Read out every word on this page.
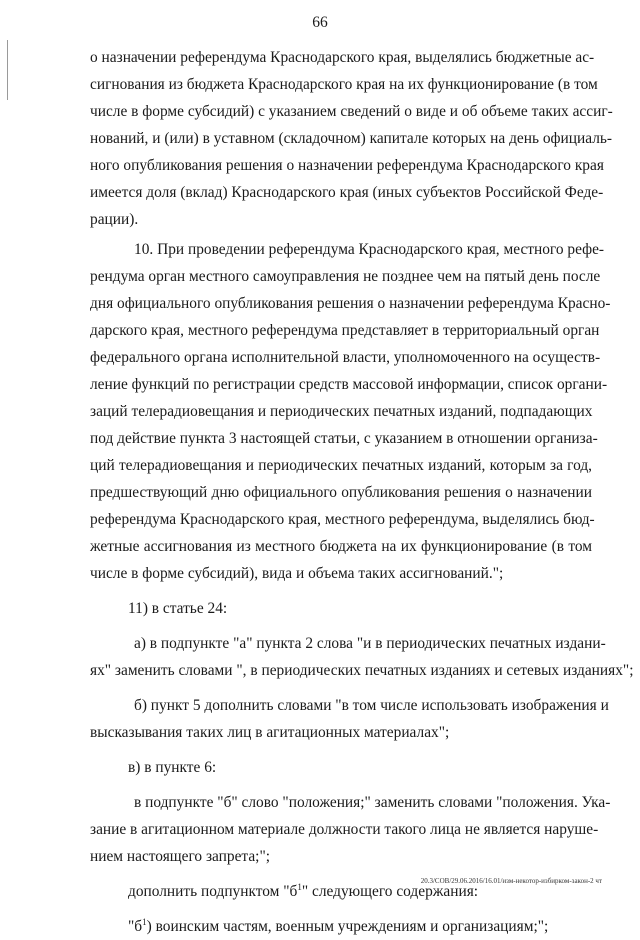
66
о назначении референдума Краснодарского края, выделялись бюджетные ас-
сигнования из бюджета Краснодарского края на их функционирование (в том
числе в форме субсидий) с указанием сведений о виде и об объеме таких ассиг-
нований, и (или) в уставном (складочном) капитале которых на день официаль-
ного опубликования решения о назначении референдума Краснодарского края
имеется доля (вклад) Краснодарского края (иных субъектов Российской Феде-
рации).
10. При проведении референдума Краснодарского края, местного рефе-
рендума орган местного самоуправления не позднее чем на пятый день после
дня официального опубликования решения о назначении референдума Красно-
дарского края, местного референдума представляет в территориальный орган
федерального органа исполнительной власти, уполномоченного на осуществ-
ление функций по регистрации средств массовой информации, список органи-
заций телерадиовещания и периодических печатных изданий, подпадающих
под действие пункта 3 настоящей статьи, с указанием в отношении организа-
ций телерадиовещания и периодических печатных изданий, которым за год,
предшествующий дню официального опубликования решения о назначении
референдума Краснодарского края, местного референдума, выделялись бюд-
жетные ассигнования из местного бюджета на их функционирование (в том
числе в форме субсидий), вида и объема таких ассигнований.";
11) в статье 24:
а) в подпункте "а" пункта 2 слова "и в периодических печатных издани-
ях" заменить словами ", в периодических печатных изданиях и сетевых изданиях";
б) пункт 5 дополнить словами "в том числе использовать изображения и
высказывания таких лиц в агитационных материалах";
в) в пункте 6:
в подпункте "б" слово "положения;" заменить словами "положения. Ука-
зание в агитационном материале должности такого лица не является наруше-
нием настоящего запрета;";
дополнить подпунктом "$б^1$" следующего содержания:
"$б^1$) воинским частям, военным учреждениям и организациям;";
20.3/СОВ/29.06.2016/16.01/изм-некотор-избирком-закон-2 чт
